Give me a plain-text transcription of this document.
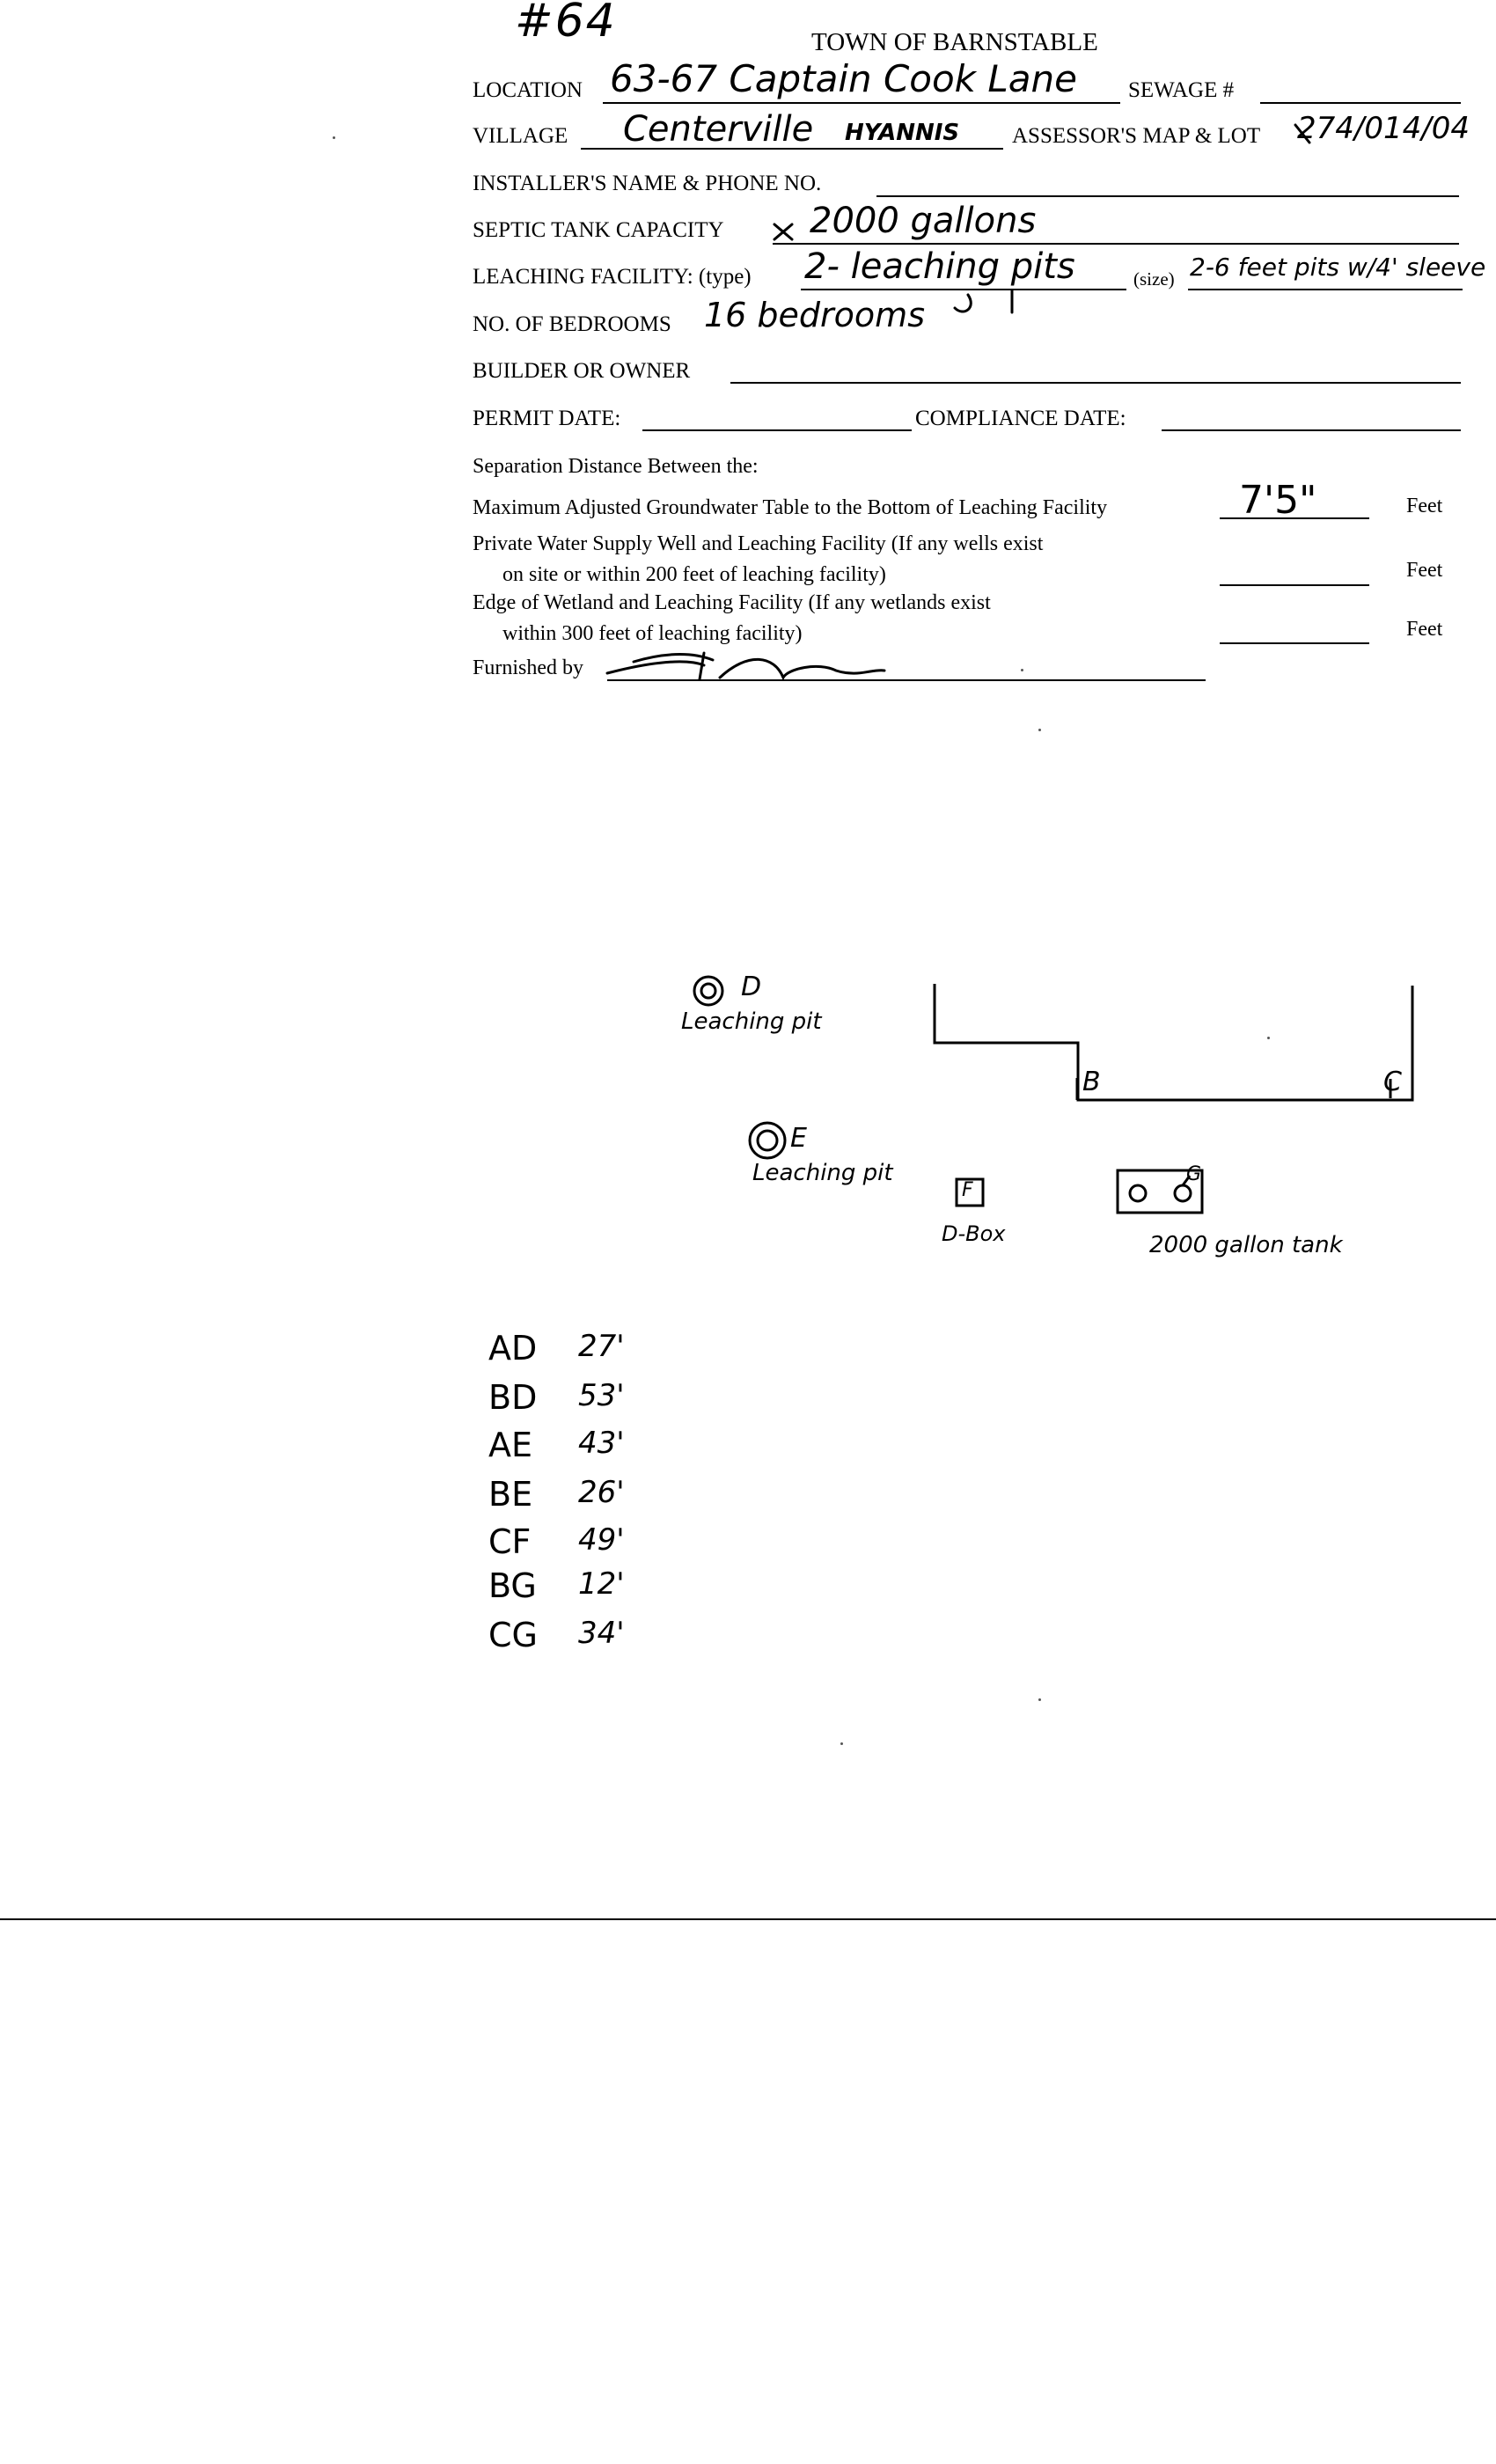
#64	TOWN OF BARNSTABLE
LOCATION 63-67 Captain Cook Lane SEWAGE #
VILLAGE Centerville HYANNIS ASSESSOR'S MAP & LOT 274/014/04
INSTALLER'S NAME & PHONE NO.
SEPTIC TANK CAPACITY 2000 gallons
LEACHING FACILITY: (type) 2- leaching pits	(size) 2-6 feet pits w/4' sleeve
NO. OF BEDROOMS 16 bedrooms
BUILDER OR OWNER
PERMIT DATE:	COMPLIANCE DATE:
Separation Distance Between the:
Maximum Adjusted Groundwater Table to the Bottom of Leaching Facility	7'5"	Feet
Private Water Supply Well and Leaching Facility (If any wells exist
on site or within 200 feet of leaching facility)	Feet
Edge of Wetland and Leaching Facility (If any wetlands exist
within 300 feet of leaching facility)	Feet
Furnished by
D
Leaching pit
E
Leaching pit
B	C
F
D-Box
G
2000 gallon tank
AD 27'
BD 53'
AE 43'
BE 26'
CF 49'
BG 12'
CG 34'
